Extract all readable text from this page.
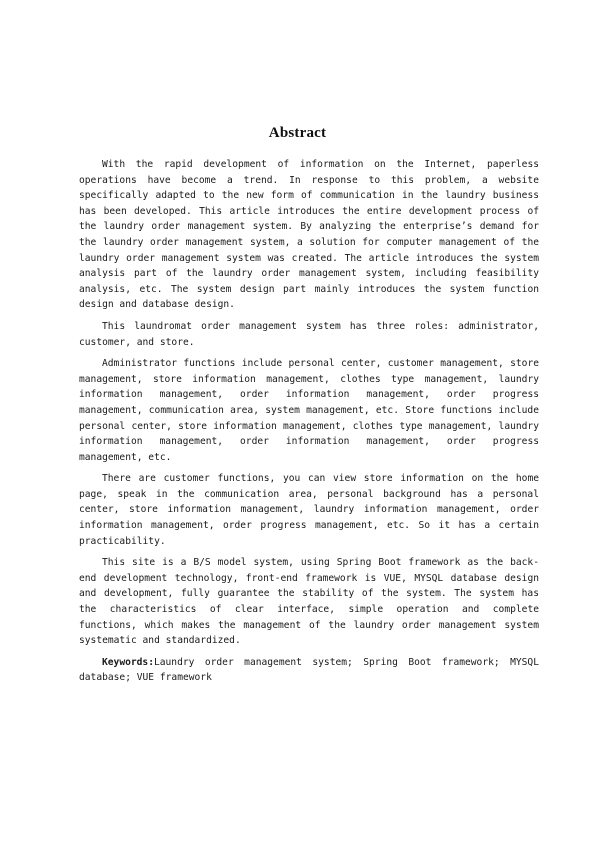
Abstract

With the rapid development of information on the Internet, paperless operations have become a trend. In response to this problem, a website specifically adapted to the new form of communication in the laundry business has been developed. This article introduces the entire development process of the laundry order management system. By analyzing the enterprise’s demand for the laundry order management system, a solution for computer management of the laundry order management system was created. The article introduces the system analysis part of the laundry order management system, including feasibility analysis, etc. The system design part mainly introduces the system function design and database design.

This laundromat order management system has three roles: administrator, customer, and store.

Administrator functions include personal center, customer management, store management, store information management, clothes type management, laundry information management, order information management, order progress management, communication area, system management, etc. Store functions include personal center, store information management, clothes type management, laundry information management, order information management, order progress management, etc.

There are customer functions, you can view store information on the home page, speak in the communication area, personal background has a personal center, store information management, laundry information management, order information management, order progress management, etc. So it has a certain practicability.

This site is a B/S model system, using Spring Boot framework as the back-end development technology, front-end framework is VUE, MYSQL database design and development, fully guarantee the stability of the system. The system has the characteristics of clear interface, simple operation and complete functions, which makes the management of the laundry order management system systematic and standardized.

Keywords:Laundry order management system; Spring Boot framework; MYSQL database; VUE framework
